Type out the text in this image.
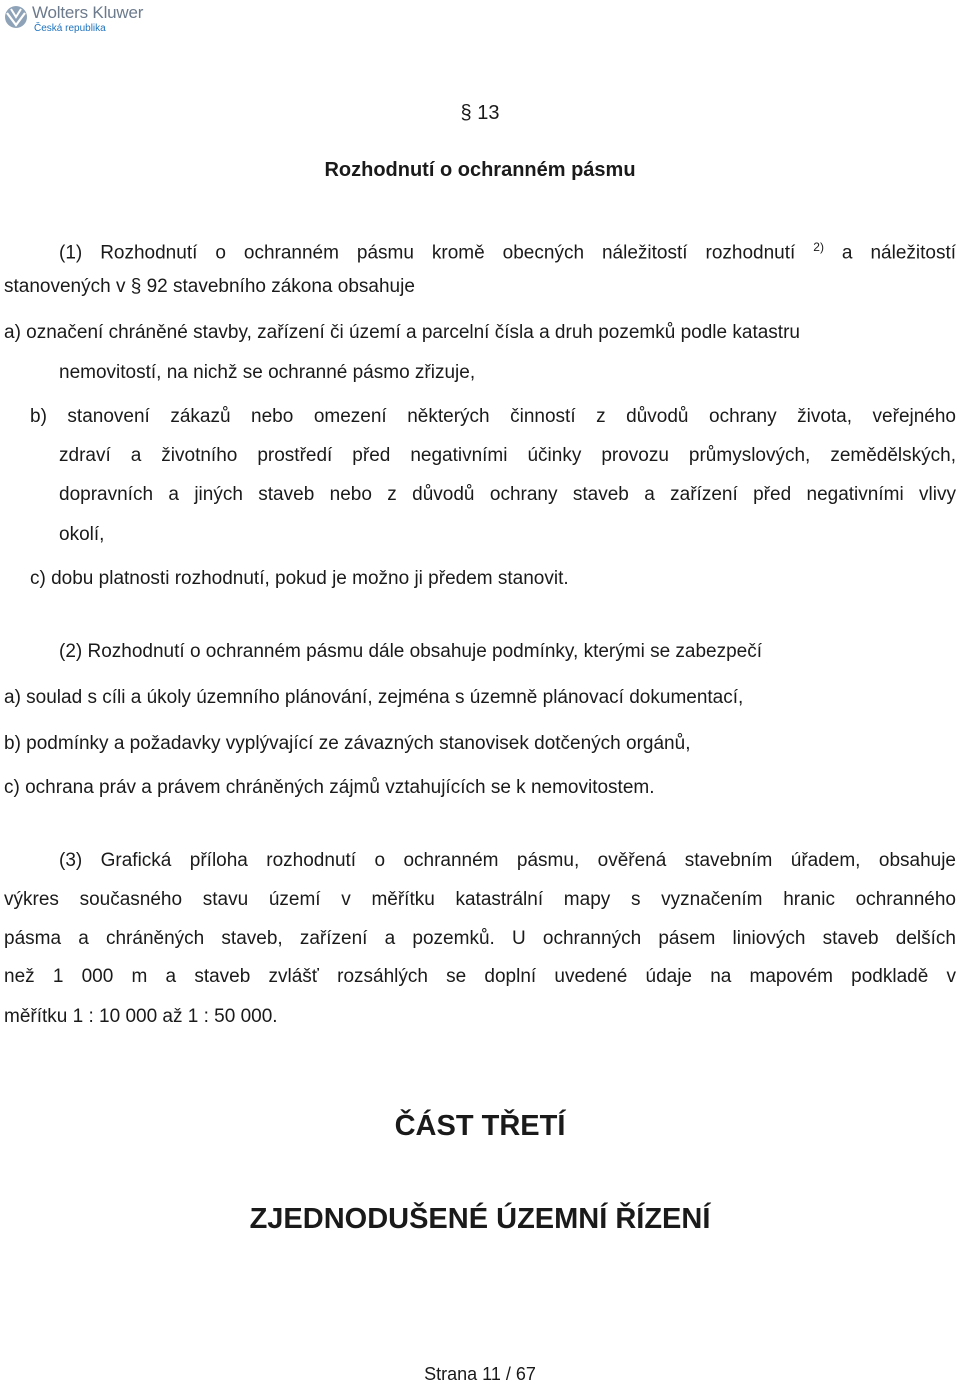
Wolters Kluwer
Česká republika
§ 13
Rozhodnutí o ochranném pásmu
(1) Rozhodnutí o ochranném pásmu kromě obecných náležitostí rozhodnutí $^{2)}$ a náležitostí
stanovených v § 92 stavebního zákona obsahuje
a) označení chráněné stavby, zařízení či území a parcelní čísla a druh pozemků podle katastru
nemovitostí, na nichž se ochranné pásmo zřizuje,
b) stanovení zákazů nebo omezení některých činností z důvodů ochrany života, veřejného
zdraví a životního prostředí před negativními účinky provozu průmyslových, zemědělských,
dopravních a jiných staveb nebo z důvodů ochrany staveb a zařízení před negativními vlivy
okolí,
c) dobu platnosti rozhodnutí, pokud je možno ji předem stanovit.
(2) Rozhodnutí o ochranném pásmu dále obsahuje podmínky, kterými se zabezpečí
a) soulad s cíli a úkoly územního plánování, zejména s územně plánovací dokumentací,
b) podmínky a požadavky vyplývající ze závazných stanovisek dotčených orgánů,
c) ochrana práv a právem chráněných zájmů vztahujících se k nemovitostem.
(3) Grafická příloha rozhodnutí o ochranném pásmu, ověřená stavebním úřadem, obsahuje
výkres současného stavu území v měřítku katastrální mapy s vyznačením hranic ochranného
pásma a chráněných staveb, zařízení a pozemků. U ochranných pásem liniových staveb delších
než 1 000 m a staveb zvlášť rozsáhlých se doplní uvedené údaje na mapovém podkladě v
měřítku 1 : 10 000 až 1 : 50 000.
ČÁST TŘETÍ
ZJEDNODUŠENÉ ÚZEMNÍ ŘÍZENÍ
Strana 11 / 67
